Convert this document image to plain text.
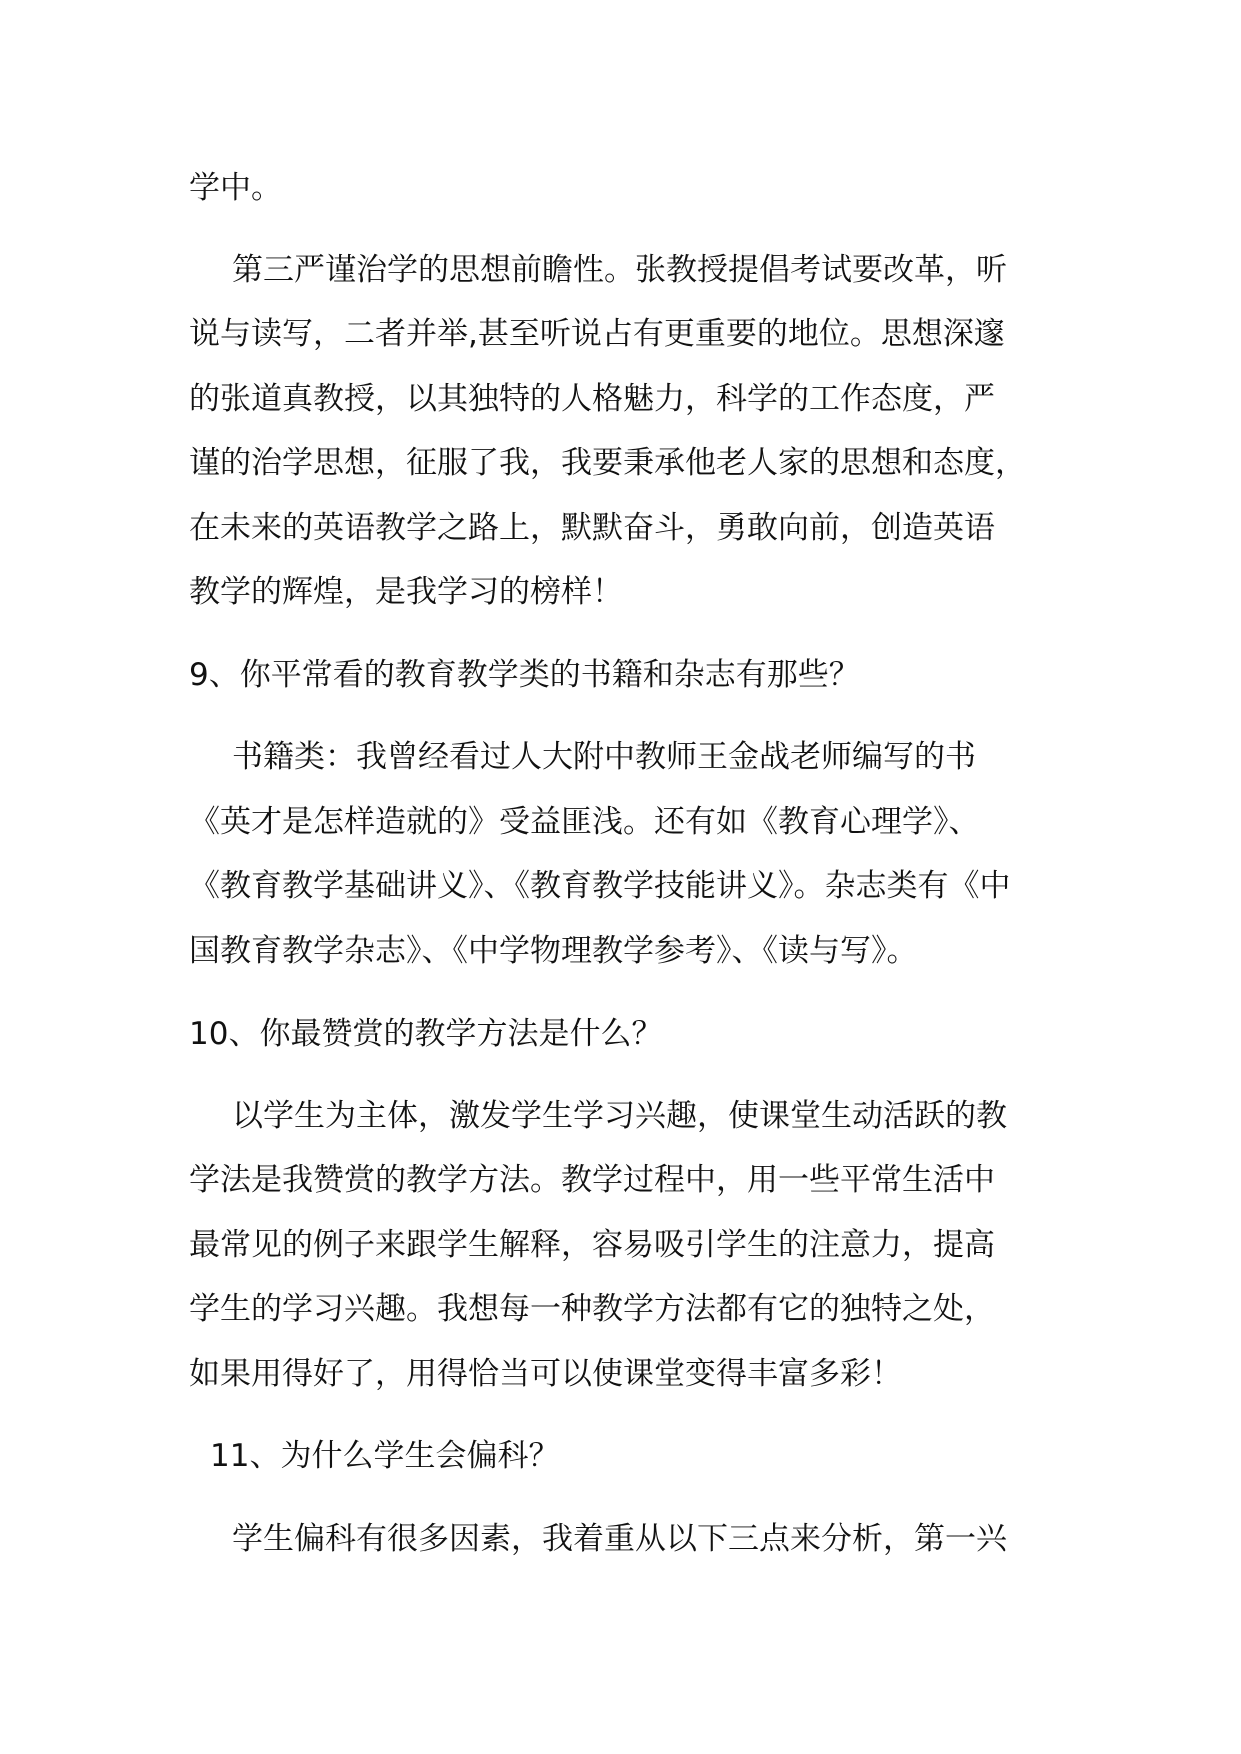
学中。

第三严谨治学的思想前瞻性。张教授提倡考试要改革，听

说与读写，二者并举,甚至听说占有更重要的地位。思想深邃

的张道真教授，以其独特的人格魅力，科学的工作态度，严

谨的治学思想，征服了我，我要秉承他老人家的思想和态度，

在未来的英语教学之路上，默默奋斗，勇敢向前，创造英语

教学的辉煌，是我学习的榜样！

9、你平常看的教育教学类的书籍和杂志有那些？

书籍类：我曾经看过人大附中教师王金战老师编写的书

《英才是怎样造就的》受益匪浅。还有如《教育心理学》、

《教育教学基础讲义》、《教育教学技能讲义》。杂志类有《中

国教育教学杂志》、《中学物理教学参考》、《读与写》。

10、你最赞赏的教学方法是什么？

以学生为主体，激发学生学习兴趣，使课堂生动活跃的教

学法是我赞赏的教学方法。教学过程中，用一些平常生活中

最常见的例子来跟学生解释，容易吸引学生的注意力，提高

学生的学习兴趣。我想每一种教学方法都有它的独特之处，

如果用得好了，用得恰当可以使课堂变得丰富多彩！

11、为什么学生会偏科？

学生偏科有很多因素，我着重从以下三点来分析，第一兴
